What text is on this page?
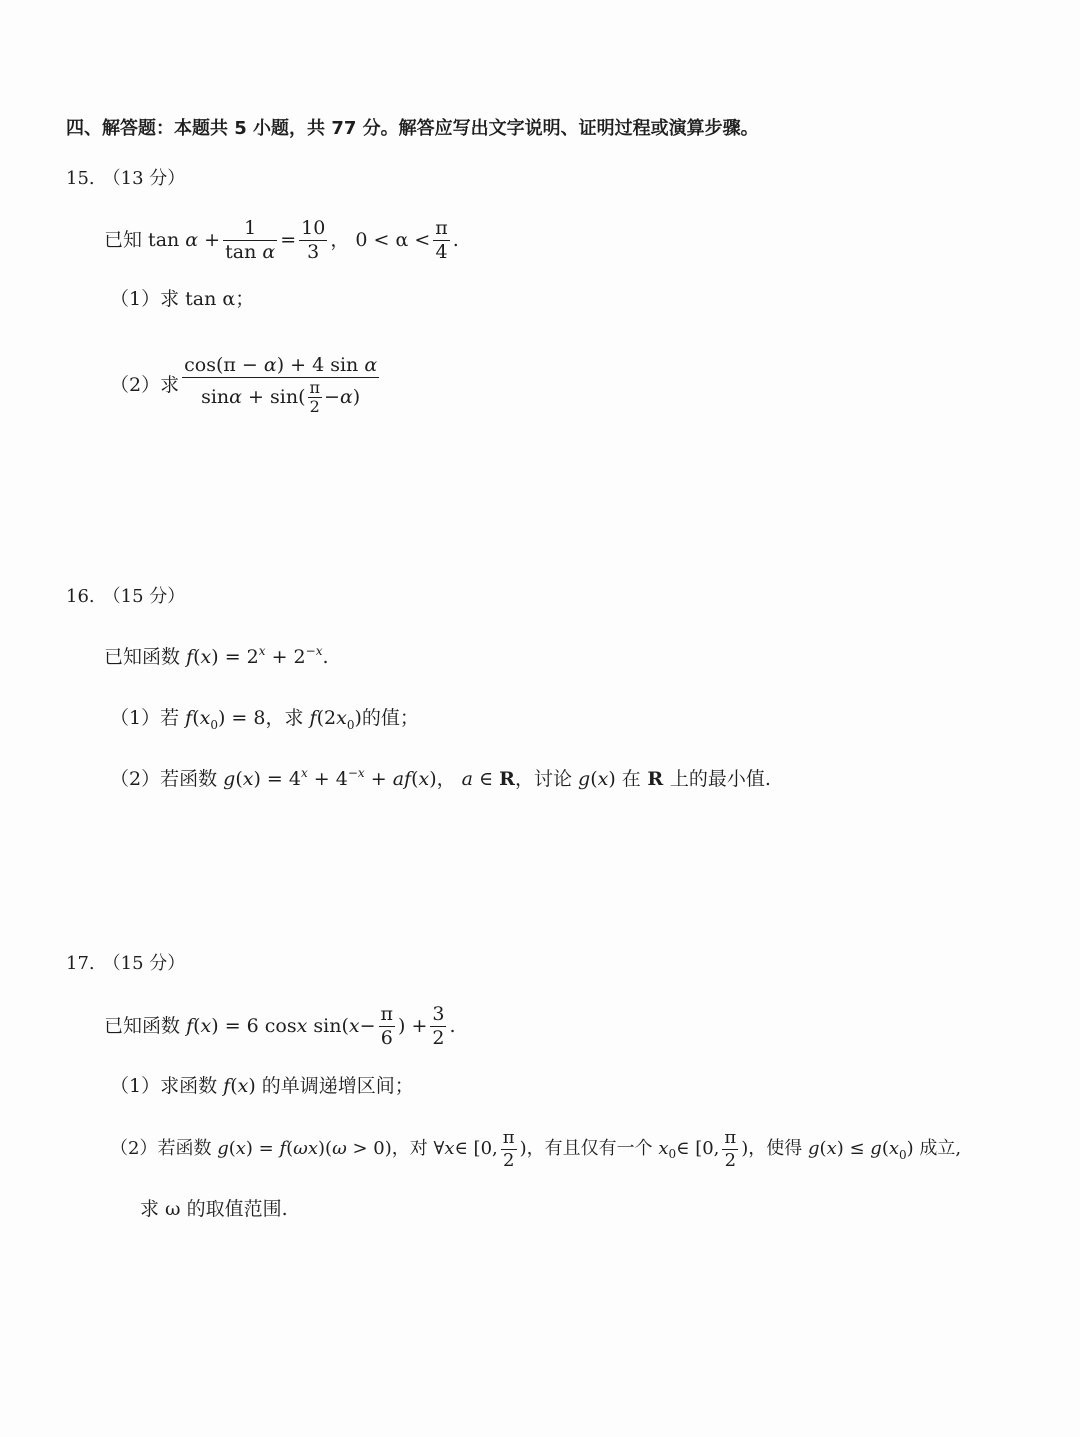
四、解答题：本题共 5 小题，共 77 分。解答应写出文字说明、证明过程或演算步骤。
15. （13 分）
已知 $\tan \alpha + \frac{1}{\text{tan α}} = \frac{10}{3}$ ， $0 < \alpha < \frac{\pi}{4}$ .
（1） 求 tan α；
（2） 求 cos(π − α) + 4 sin α
sin α + sin( π
2 − α )
16. （15 分）
已知函数 $f(x) = 2^x + 2^{-x}$.
（1） 若 $f(x_0) = 8$ ，求 $f(2x_0)$ 的值；
（2） 若函数 $g(x) = 4^x + 4^{-x} + af(x)$， a ∈ R， 讨论 g(x) 在 R 上的最小值.
17. （15 分）
已知函数
f ( x ) = 6 cos x sin( $x - \frac{\pi}{6}$ ) + $\frac{3}{2}$ .
（1） 求函数 f(x) 的单调递增区间；
（2） 若函数 g(x) = f(ωx)(ω > 0) ，对 ∀ x ∈ [0, $\frac{\pi}{2}$ ) ，有且仅有一个
x 0 ∈ [0, $\frac{\pi}{2}$ ) ，使得 $g(x) \le g(x_0)$ 成立,
求 ω 的取值范围.
